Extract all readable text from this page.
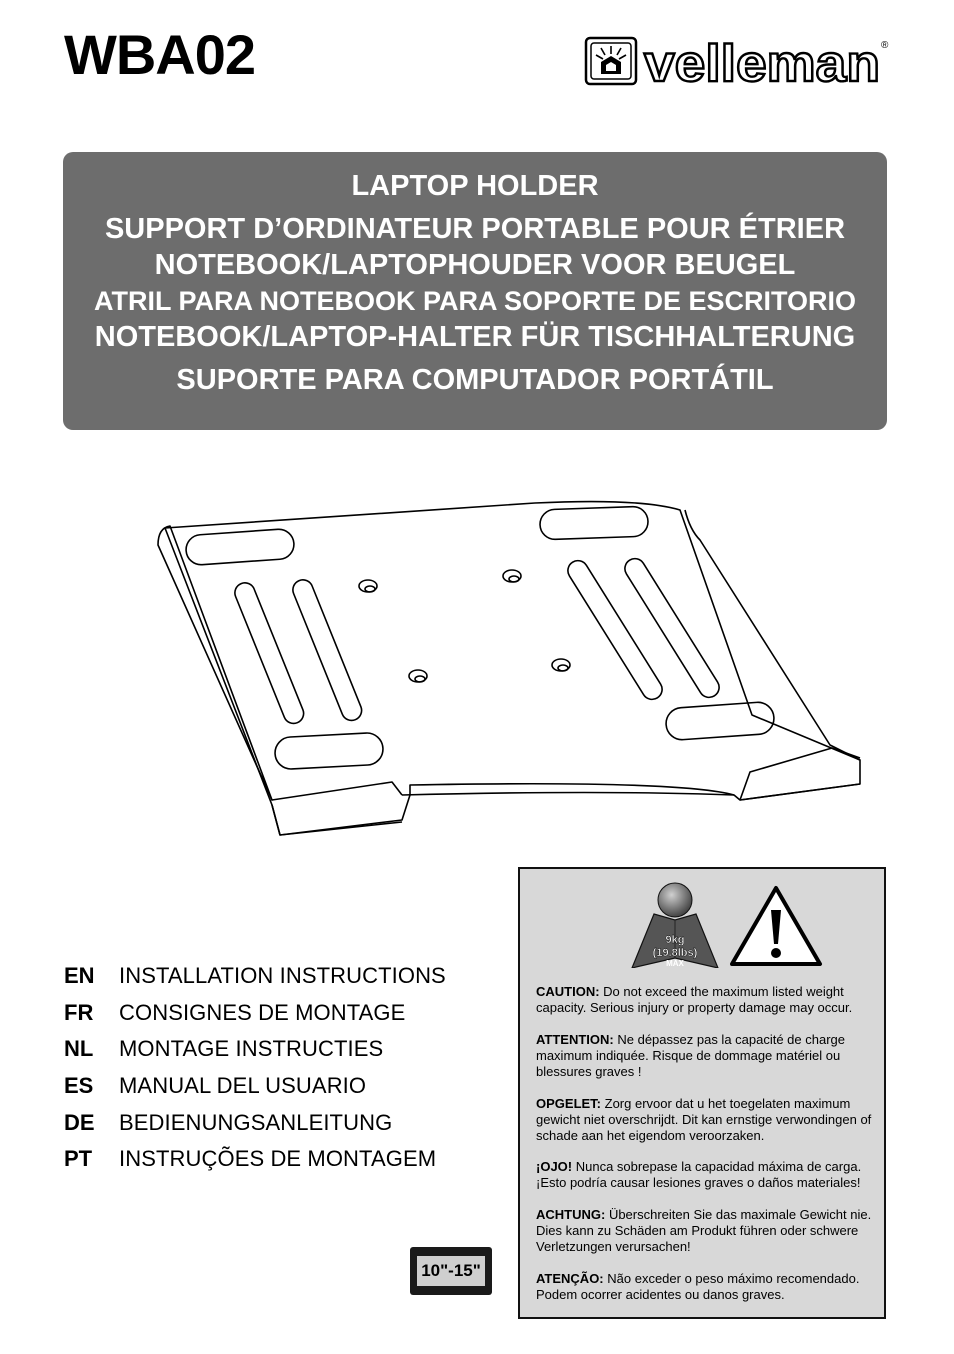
WBA02	velleman ®
LAPTOP HOLDER
SUPPORT D’ORDINATEUR PORTABLE POUR ÉTRIER
NOTEBOOK/LAPTOPHOUDER VOOR BEUGEL
ATRIL PARA NOTEBOOK PARA SOPORTE DE ESCRITORIO
NOTEBOOK/LAPTOP-HALTER FÜR TISCHHALTERUNG
SUPORTE PARA COMPUTADOR PORTÁTIL
EN	INSTALLATION INSTRUCTIONS
FR	CONSIGNES DE MONTAGE
NL	MONTAGE INSTRUCTIES
ES	MANUAL DEL USUARIO
DE	BEDIENUNGSANLEITUNG
PT	INSTRUÇÕES DE MONTAGEM
10"-15"
9kg
(19.8lbs)
MAX
CAUTION: Do not exceed the maximum listed weight capacity. Serious injury or property damage may occur.
ATTENTION: Ne dépassez pas la capacité de charge maximum indiquée. Risque de dommage matériel ou blessures graves !
OPGELET: Zorg ervoor dat u het toegelaten maximum gewicht niet overschrijdt. Dit kan ernstige verwondingen of schade aan het eigendom veroorzaken.
¡OJO! Nunca sobrepase la capacidad máxima de carga. ¡Esto podría causar lesiones graves o daños materiales!
ACHTUNG: Überschreiten Sie das maximale Gewicht nie. Dies kann zu Schäden am Produkt führen oder schwere Verletzungen verursachen!
ATENÇÃO: Não exceder o peso máximo recomendado. Podem ocorrer acidentes ou danos graves.
